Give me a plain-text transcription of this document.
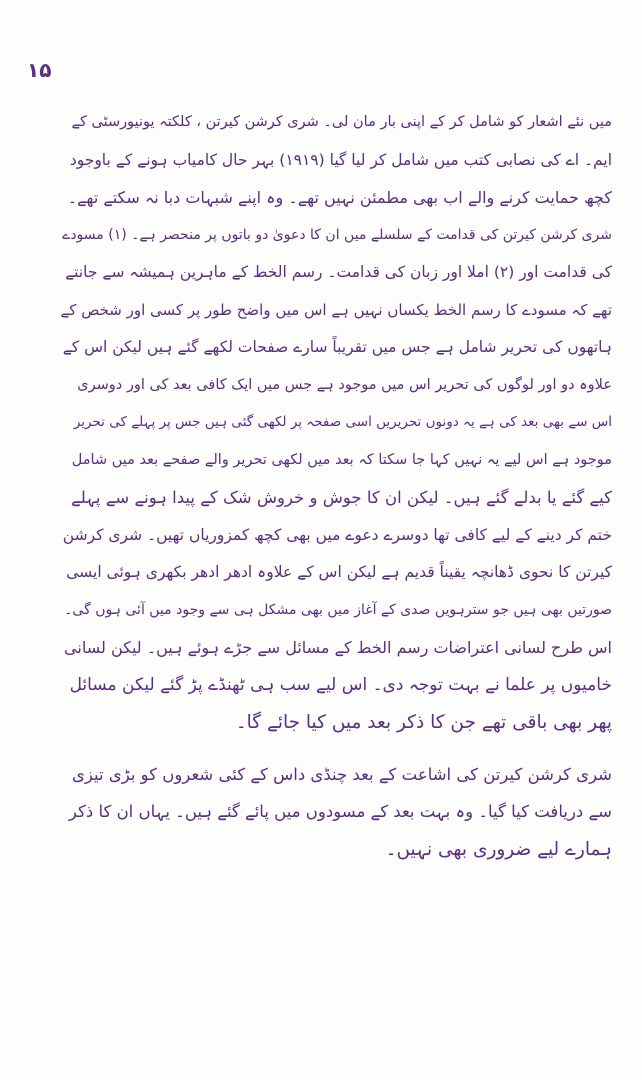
۱۵
میں نئے اشعار کو شامل کر کے اپنی بار مان لی۔ شری کرشن کیرتن ، کلکتہ یونیورسٹی کے
ایم۔ اے کی نصابی کتب میں شامل کر لیا گیا (۱۹۱۹) بہر حال کامیاب ہونے کے باوجود
کچھ حمایت کرنے والے اب بھی مطمئن نہیں تھے۔ وہ اپنے شبہات دبا نہ سکتے تھے۔
شری کرشن کیرتن کی قدامت کے سلسلے میں ان کا دعویٰ دو باتوں پر منحصر ہے۔ (۱) مسودے
کی قدامت اور (۲) املا اور زبان کی قدامت۔ رسم الخط کے ماہرین ہمیشہ سے جانتے
تھے کہ مسودے کا رسم الخط یکساں نہیں ہے اس میں واضح طور پر کسی اور شخص کے
ہاتھوں کی تحریر شامل ہے جس میں تقریباً سارے صفحات لکھے گئے ہیں لیکن اس کے
علاوہ دو اور لوگوں کی تحریر اس میں موجود ہے جس میں ایک کافی بعد کی اور دوسری
اس سے بھی بعد کی ہے یہ دونوں تحریریں اسی صفحہ پر لکھی گئی ہیں جس پر پہلے کی تحریر
موجود ہے اس لیے یہ نہیں کہا جا سکتا کہ بعد میں لکھی تحریر والے صفحے بعد میں شامل
کیے گئے یا بدلے گئے ہیں۔ لیکن ان کا جوش و خروش شک کے پیدا ہونے سے پہلے
ختم کر دینے کے لیے کافی تھا دوسرے دعوے میں بھی کچھ کمزوریاں تھیں۔ شری کرشن
کیرتن کا نحوی ڈھانچہ یقیناً قدیم ہے لیکن اس کے علاوہ ادھر ادھر بکھری ہوئی ایسی
صورتیں بھی ہیں جو سترہویں صدی کے آغاز میں بھی مشکل ہی سے وجود میں آئی ہوں گی۔
اس طرح لسانی اعتراضات رسم الخط کے مسائل سے جڑے ہوئے ہیں۔ لیکن لسانی
خامیوں پر علما نے بہت توجہ دی۔ اس لیے سب ہی ٹھنڈے پڑ گئے لیکن مسائل
پھر بھی باقی تھے جن کا ذکر بعد میں کیا جائے گا۔
شری کرشن کیرتن کی اشاعت کے بعد چنڈی داس کے کئی شعروں کو بڑی تیزی
سے دریافت کیا گیا۔ وہ بہت بعد کے مسودوں میں پائے گئے ہیں۔ یہاں ان کا ذکر
ہمارے لیے ضروری بھی نہیں۔
